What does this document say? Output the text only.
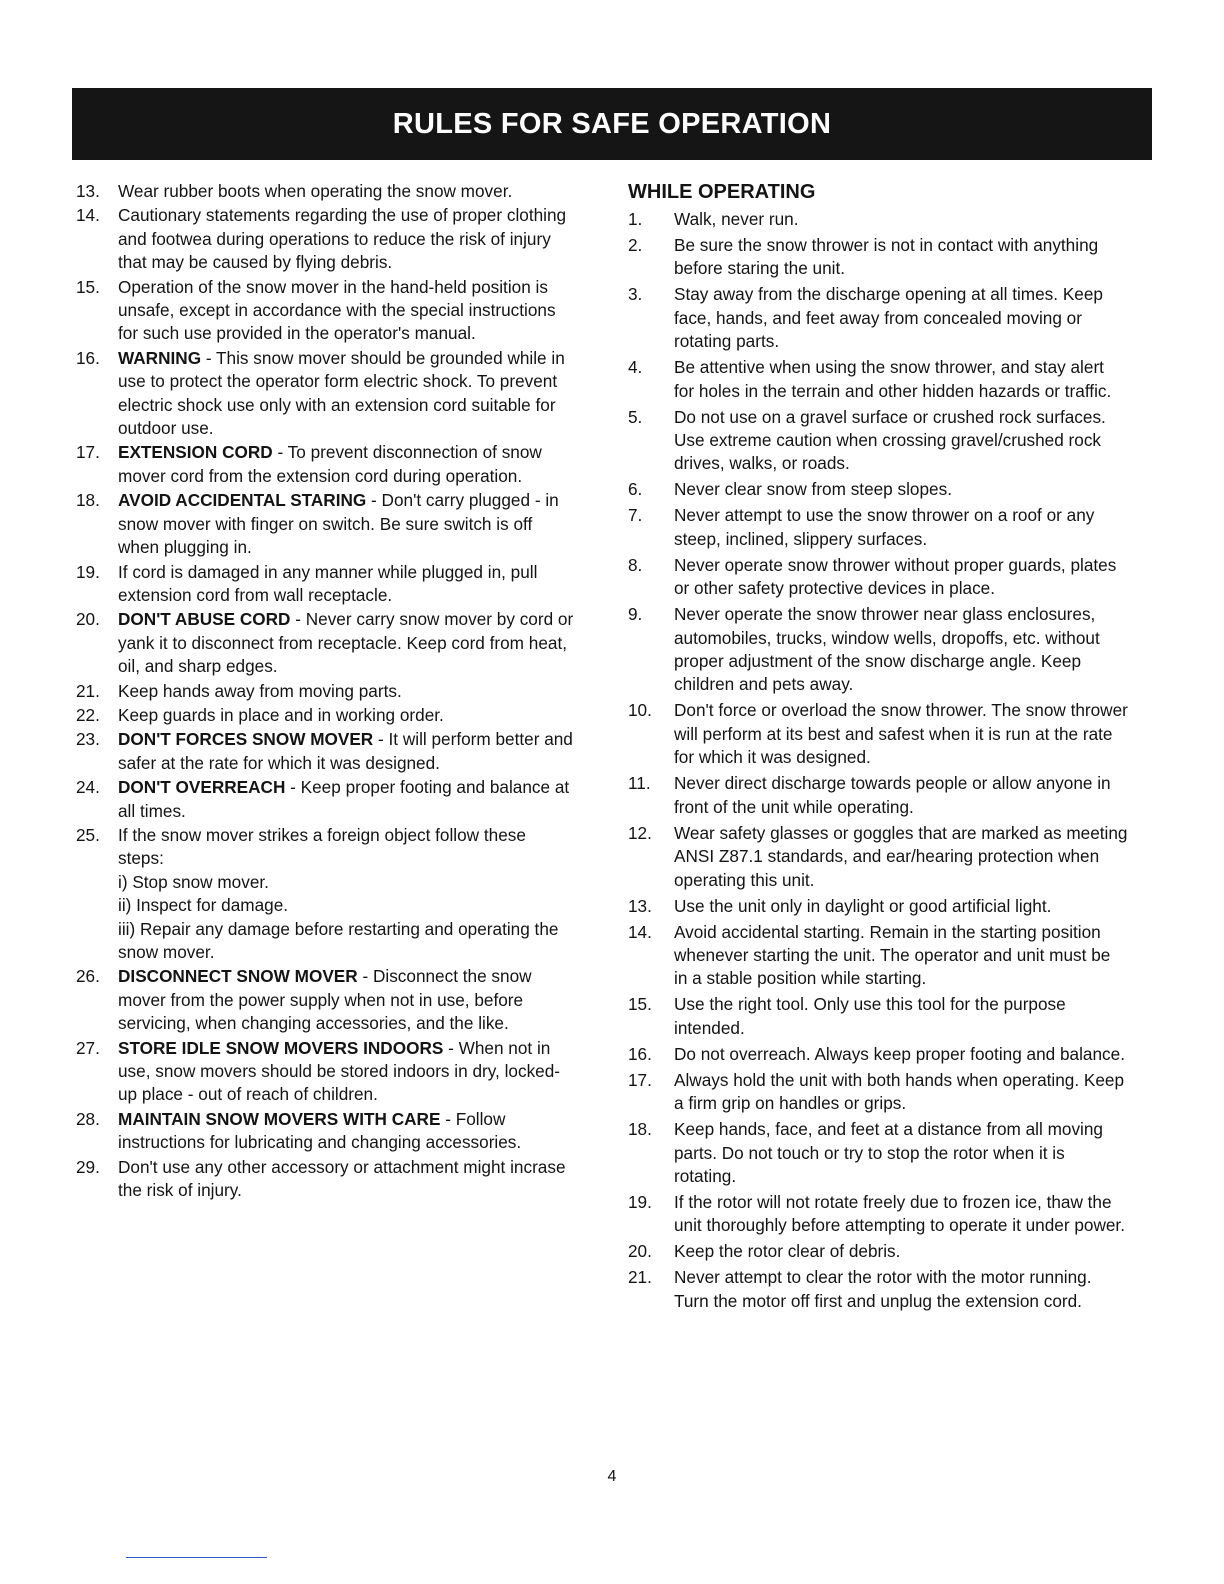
RULES FOR SAFE OPERATION
13.	Wear rubber boots when operating the snow mover.
14.	Cautionary statements regarding the use of proper clothing and footwea during operations to reduce the risk of injury that may be caused by flying debris.
15.	Operation of the snow mover in the hand-held position is unsafe, except in accordance with the special instructions for such use provided in the operator's manual.
16.	WARNING - This snow mover should be grounded while in use to protect the operator form electric shock. To prevent electric shock use only with an extension cord suitable for outdoor use.
17.	EXTENSION CORD - To prevent disconnection of snow mover cord from the extension cord during operation.
18.	AVOID ACCIDENTAL STARING - Don't carry plugged - in snow mover with finger on switch. Be sure switch is off when plugging in.
19.	If cord is damaged in any manner while plugged in, pull extension cord from wall receptacle.
20.	DON'T ABUSE CORD - Never carry snow mover by cord or yank it to disconnect from receptacle. Keep cord from heat, oil, and sharp edges.
21.	Keep hands away from moving parts.
22.	Keep guards in place and in working order.
23.	DON'T FORCES SNOW MOVER - It will perform better and safer at the rate for which it was designed.
24.	DON'T OVERREACH - Keep proper footing and balance at all times.
25.	If the snow mover strikes a foreign object follow these steps:
i) Stop snow mover.
ii) Inspect for damage.
iii) Repair any damage before restarting and operating the snow mover.
26.	DISCONNECT SNOW MOVER - Disconnect the snow mover from the power supply when not in use, before servicing, when changing accessories, and the like.
27.	STORE IDLE SNOW MOVERS INDOORS - When not in use, snow movers should be stored indoors in dry, locked-up place - out of reach of children.
28.	MAINTAIN SNOW MOVERS WITH CARE - Follow instructions for lubricating and changing accessories.
29.	Don't use any other accessory or attachment might incrase the risk of injury.
WHILE OPERATING
1.	Walk, never run.
2.	Be sure the snow thrower is not in contact with anything before staring the unit.
3.	Stay away from the discharge opening at all times. Keep face, hands, and feet away from concealed moving or rotating parts.
4.	Be attentive when using the snow thrower, and stay alert for holes in the terrain and other hidden hazards or traffic.
5.	Do not use on a gravel surface or crushed rock surfaces. Use extreme caution when crossing gravel/crushed rock drives, walks, or roads.
6.	Never clear snow from steep slopes.
7.	Never attempt to use the snow thrower on a roof or any steep, inclined, slippery surfaces.
8.	Never operate snow thrower without proper guards, plates or other safety protective devices in place.
9.	Never operate the snow thrower near glass enclosures, automobiles, trucks, window wells, dropoffs, etc. without proper adjustment of the snow discharge angle. Keep children and pets away.
10.	Don't force or overload the snow thrower. The snow thrower will perform at its best and safest when it is run at the rate for which it was designed.
11.	Never direct discharge towards people or allow anyone in front of the unit while operating.
12.	Wear safety glasses or goggles that are marked as meeting ANSI Z87.1 standards, and ear/hearing protection when operating this unit.
13.	Use the unit only in daylight or good artificial light.
14.	Avoid accidental starting. Remain in the starting position whenever starting the unit. The operator and unit must be in a stable position while starting.
15.	Use the right tool. Only use this tool for the purpose intended.
16.	Do not overreach. Always keep proper footing and balance.
17.	Always hold the unit with both hands when operating. Keep a firm grip on handles or grips.
18.	Keep hands, face, and feet at a distance from all moving parts. Do not touch or try to stop the rotor when it is rotating.
19.	If the rotor will not rotate freely due to frozen ice, thaw the unit thoroughly before attempting to operate it under power.
20.	Keep the rotor clear of debris.
21.	Never attempt to clear the rotor with the motor running. Turn the motor off first and unplug the extension cord.
4
